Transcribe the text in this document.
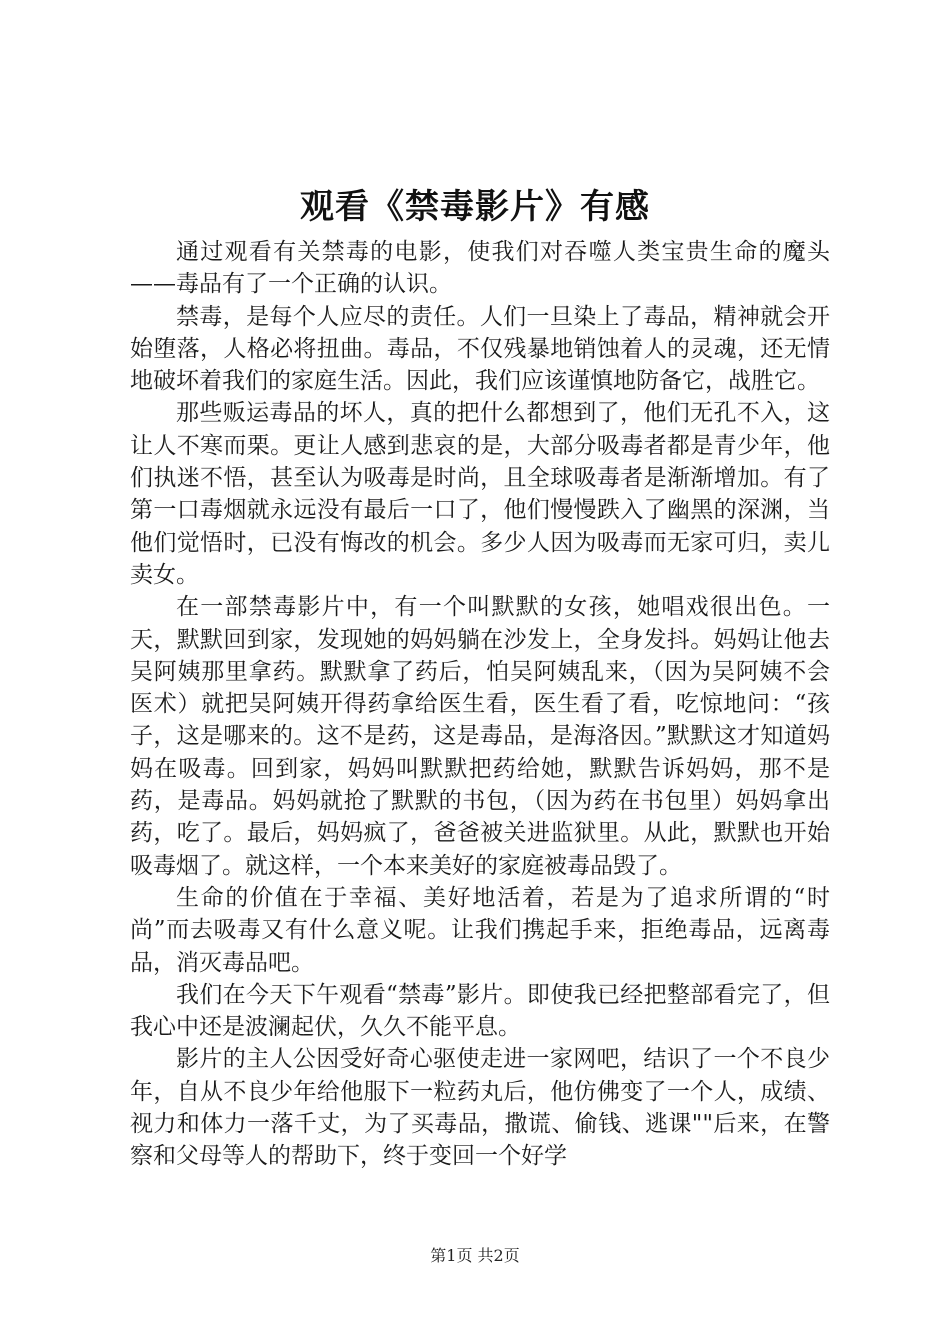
观看《禁毒影片》有感

通过观看有关禁毒的电影，使我们对吞噬人类宝贵生命的魔头——毒品有了一个正确的认识。

禁毒，是每个人应尽的责任。人们一旦染上了毒品，精神就会开始堕落，人格必将扭曲。毒品，不仅残暴地销蚀着人的灵魂，还无情地破坏着我们的家庭生活。因此，我们应该谨慎地防备它，战胜它。

那些贩运毒品的坏人，真的把什么都想到了，他们无孔不入，这让人不寒而栗。更让人感到悲哀的是，大部分吸毒者都是青少年，他们执迷不悟，甚至认为吸毒是时尚，且全球吸毒者是渐渐增加。有了第一口毒烟就永远没有最后一口了，他们慢慢跌入了幽黑的深渊，当他们觉悟时，已没有悔改的机会。多少人因为吸毒而无家可归，卖儿卖女。

在一部禁毒影片中，有一个叫默默的女孩，她唱戏很出色。一天，默默回到家，发现她的妈妈躺在沙发上，全身发抖。妈妈让他去吴阿姨那里拿药。默默拿了药后，怕吴阿姨乱来，（因为吴阿姨不会医术）就把吴阿姨开得药拿给医生看，医生看了看，吃惊地问：“孩子，这是哪来的。这不是药，这是毒品，是海洛因。”默默这才知道妈妈在吸毒。回到家，妈妈叫默默把药给她，默默告诉妈妈，那不是药，是毒品。妈妈就抢了默默的书包，（因为药在书包里）妈妈拿出药，吃了。最后，妈妈疯了，爸爸被关进监狱里。从此，默默也开始吸毒烟了。就这样，一个本来美好的家庭被毒品毁了。

生命的价值在于幸福、美好地活着，若是为了追求所谓的“时尚”而去吸毒又有什么意义呢。让我们携起手来，拒绝毒品，远离毒品，消灭毒品吧。

我们在今天下午观看“禁毒”影片。即使我已经把整部看完了，但我心中还是波澜起伏，久久不能平息。

影片的主人公因受好奇心驱使走进一家网吧，结识了一个不良少年，自从不良少年给他服下一粒药丸后，他仿佛变了一个人，成绩、视力和体力一落千丈，为了买毒品，撒谎、偷钱、逃课""后来，在警察和父母等人的帮助下，终于变回一个好学

第1页 共2页
